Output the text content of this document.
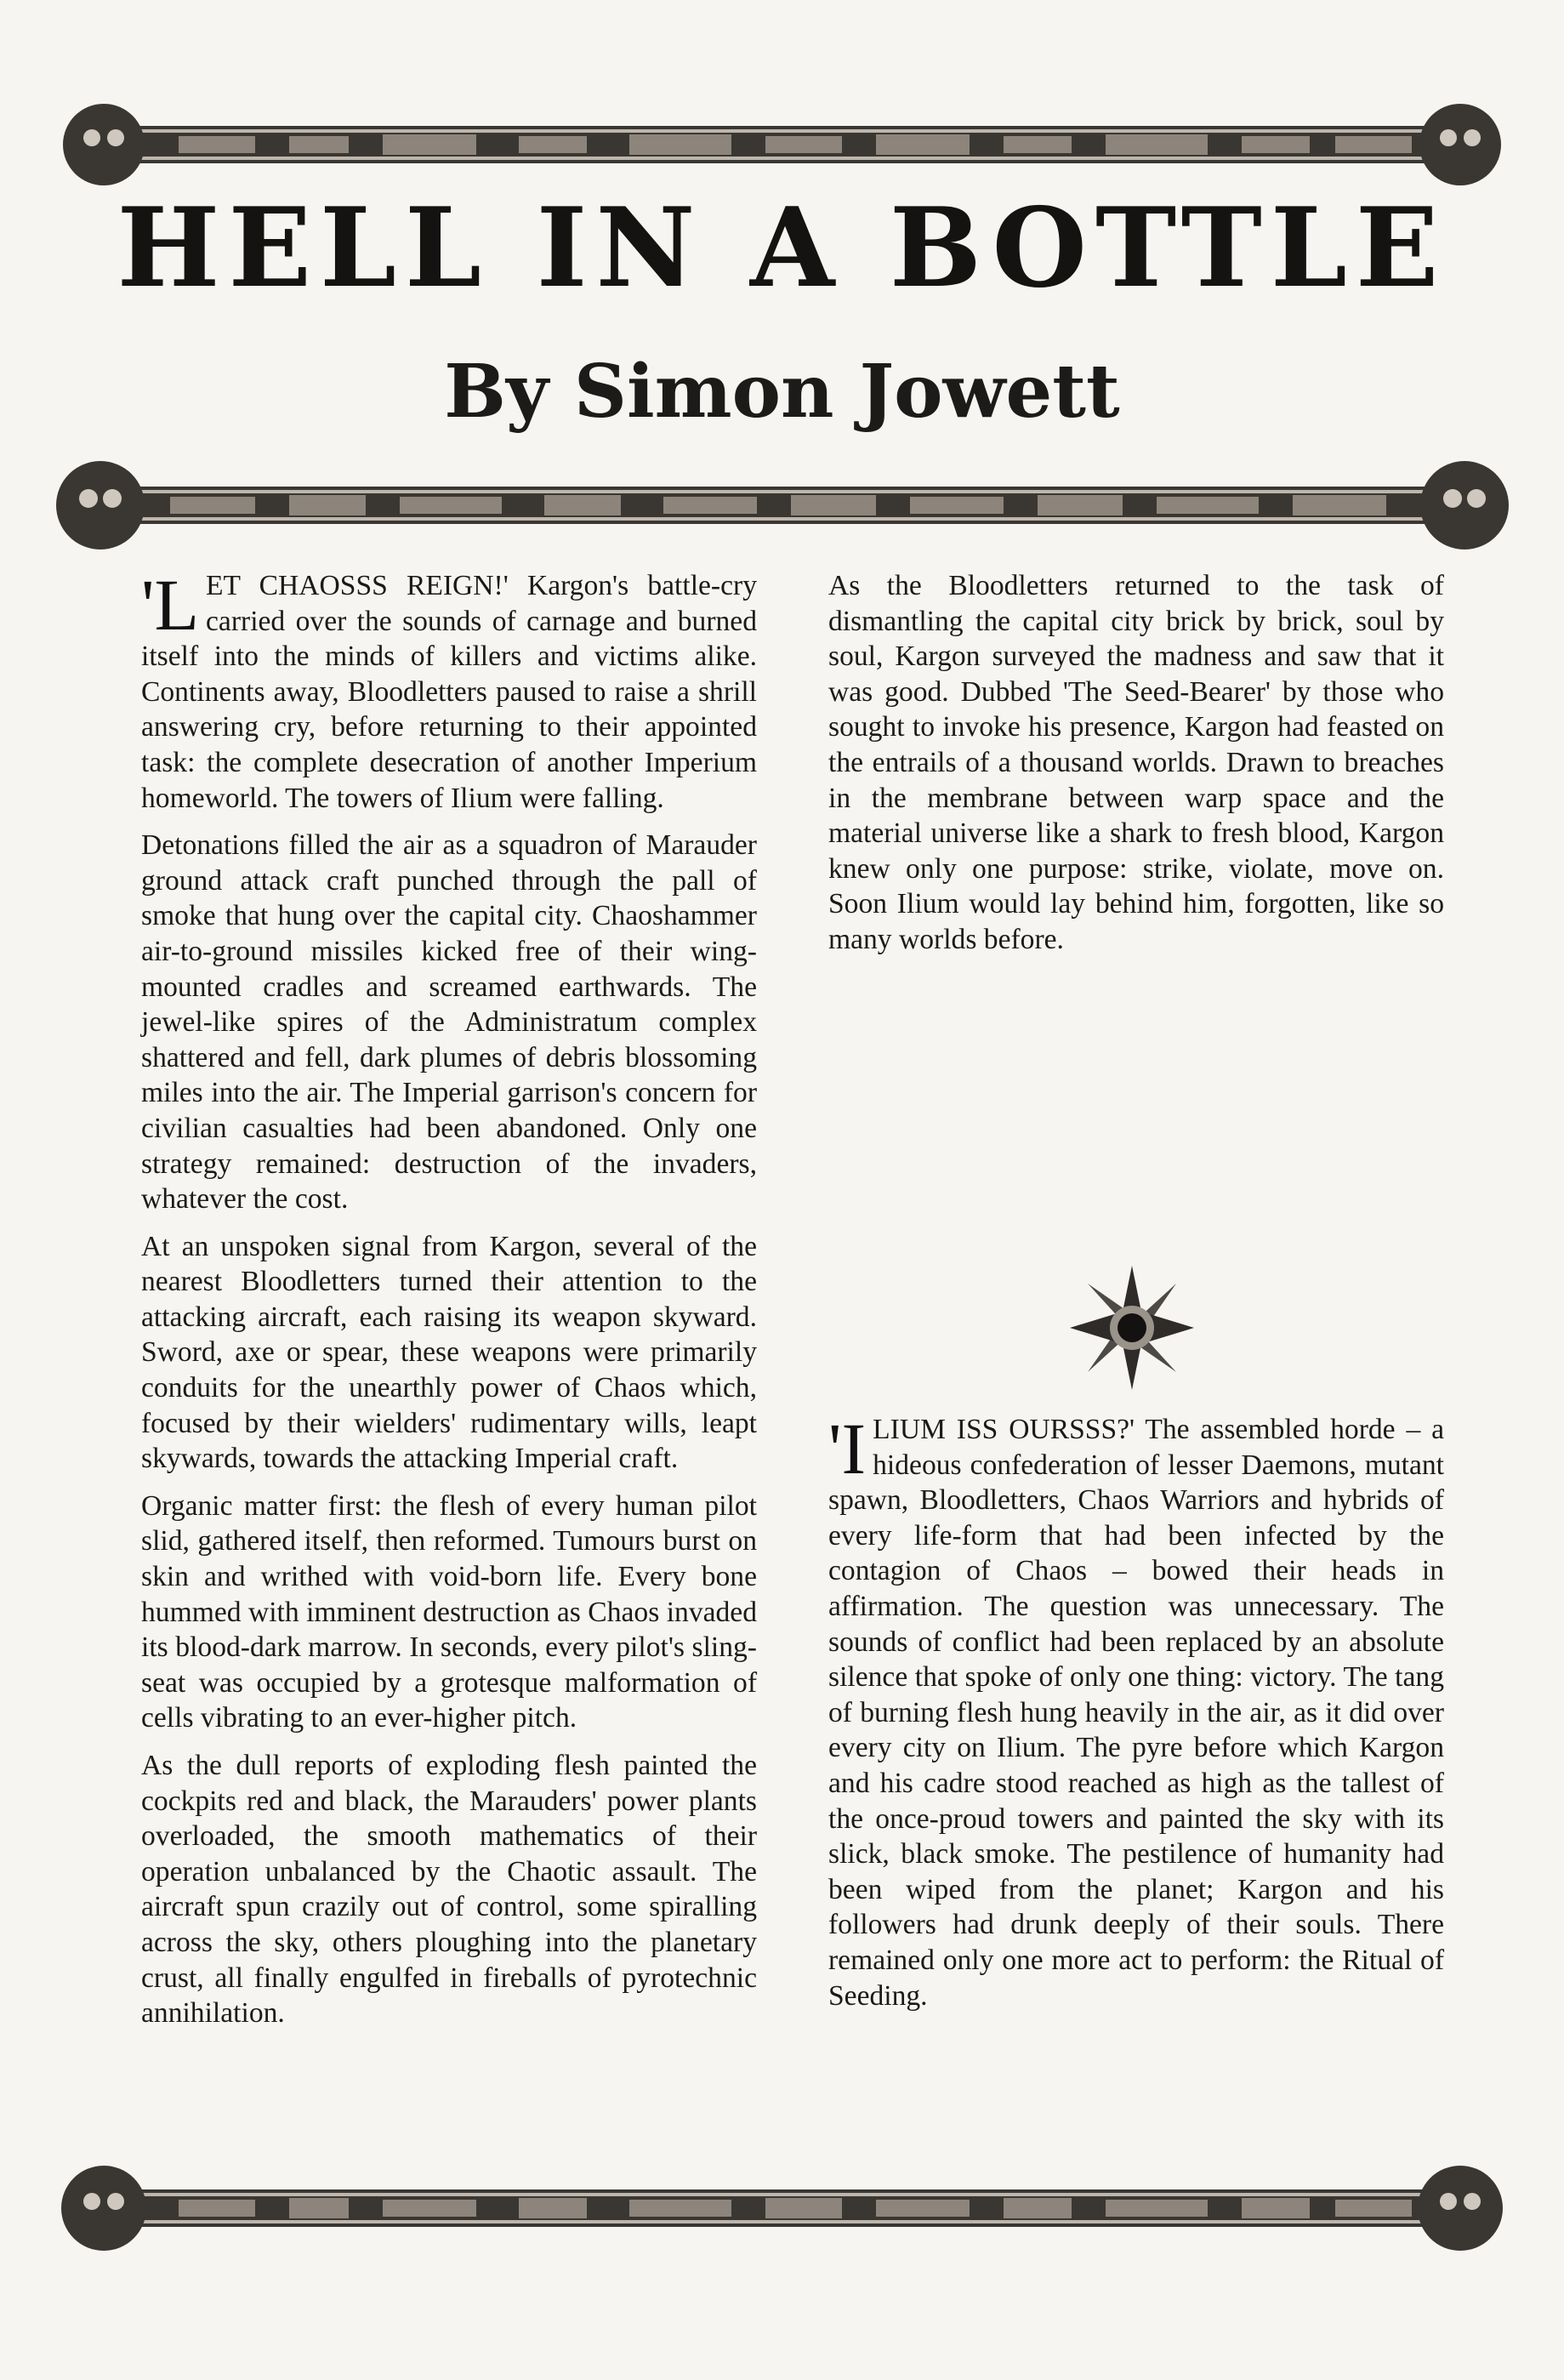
HELL IN A BOTTLE
By Simon Jowett

'LET CHAOSSS REIGN!' Kargon's battle-cry carried over the sounds of carnage and burned itself into the minds of killers and victims alike. Continents away, Bloodletters paused to raise a shrill answering cry, before returning to their appointed task: the complete desecration of another Imperium homeworld. The towers of Ilium were falling.

Detonations filled the air as a squadron of Marauder ground attack craft punched through the pall of smoke that hung over the capital city. Chaoshammer air-to-ground missiles kicked free of their wing-mounted cradles and screamed earthwards. The jewel-like spires of the Administratum complex shattered and fell, dark plumes of debris blossoming miles into the air. The Imperial garrison's concern for civilian casualties had been abandoned. Only one strategy remained: destruction of the invaders, whatever the cost.

At an unspoken signal from Kargon, several of the nearest Bloodletters turned their attention to the attacking aircraft, each raising its weapon skyward. Sword, axe or spear, these weapons were primarily conduits for the unearthly power of Chaos which, focused by their wielders' rudimentary wills, leapt skywards, towards the attacking Imperial craft.

Organic matter first: the flesh of every human pilot slid, gathered itself, then reformed. Tumours burst on skin and writhed with void-born life. Every bone hummed with imminent destruction as Chaos invaded its blood-dark marrow. In seconds, every pilot's sling-seat was occupied by a grotesque malformation of cells vibrating to an ever-higher pitch.

As the dull reports of exploding flesh painted the cockpits red and black, the Marauders' power plants overloaded, the smooth mathematics of their operation unbalanced by the Chaotic assault. The aircraft spun crazily out of control, some spiralling across the sky, others ploughing into the planetary crust, all finally engulfed in fireballs of pyrotechnic annihilation.

As the Bloodletters returned to the task of dismantling the capital city brick by brick, soul by soul, Kargon surveyed the madness and saw that it was good. Dubbed 'The Seed-Bearer' by those who sought to invoke his presence, Kargon had feasted on the entrails of a thousand worlds. Drawn to breaches in the membrane between warp space and the material universe like a shark to fresh blood, Kargon knew only one purpose: strike, violate, move on. Soon Ilium would lay behind him, forgotten, like so many worlds before.

'ILIUM ISS OURSSS?' The assembled horde – a hideous confederation of lesser Daemons, mutant spawn, Bloodletters, Chaos Warriors and hybrids of every life-form that had been infected by the contagion of Chaos – bowed their heads in affirmation. The question was unnecessary. The sounds of conflict had been replaced by an absolute silence that spoke of only one thing: victory. The tang of burning flesh hung heavily in the air, as it did over every city on Ilium. The pyre before which Kargon and his cadre stood reached as high as the tallest of the once-proud towers and painted the sky with its slick, black smoke. The pestilence of humanity had been wiped from the planet; Kargon and his followers had drunk deeply of their souls. There remained only one more act to perform: the Ritual of Seeding.
